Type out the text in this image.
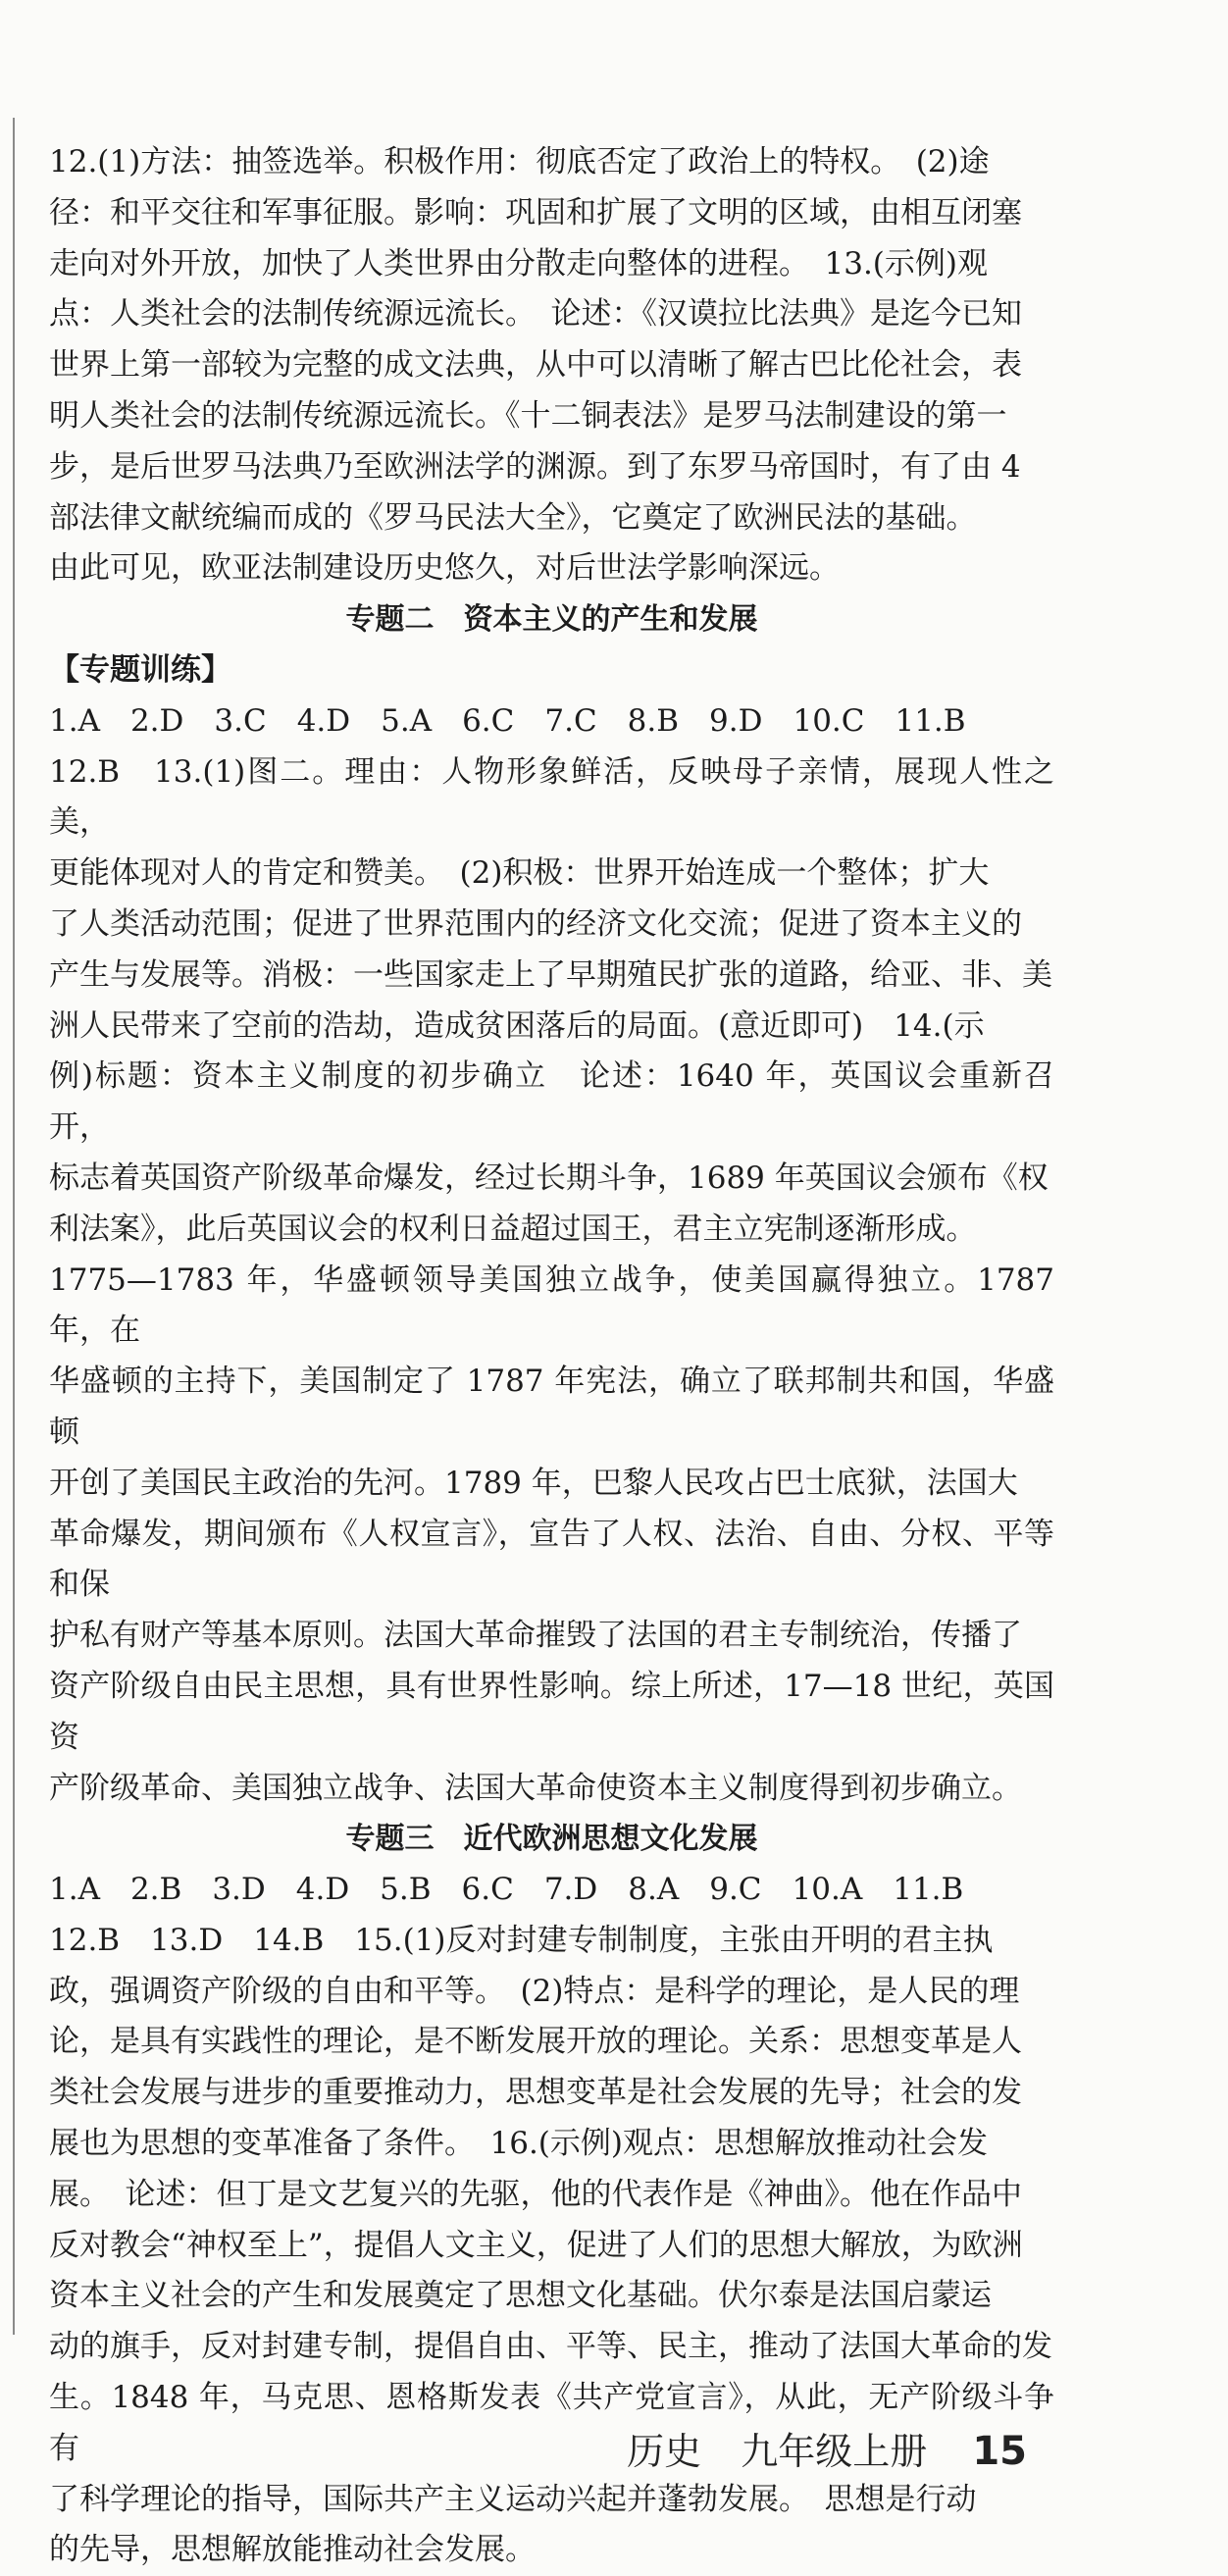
12.(1)方法：抽签选举。积极作用：彻底否定了政治上的特权。　(2)途

径：和平交往和军事征服。影响：巩固和扩展了文明的区域，由相互闭塞

走向对外开放，加快了人类世界由分散走向整体的进程。　13.(示例)观

点：人类社会的法制传统源远流长。　论述：《汉谟拉比法典》是迄今已知

世界上第一部较为完整的成文法典，从中可以清晰了解古巴比伦社会，表

明人类社会的法制传统源远流长。《十二铜表法》是罗马法制建设的第一

步，是后世罗马法典乃至欧洲法学的渊源。到了东罗马帝国时，有了由 4

部法律文献统编而成的《罗马民法大全》，它奠定了欧洲民法的基础。

由此可见，欧亚法制建设历史悠久，对后世法学影响深远。

专题二　资本主义的产生和发展

【专题训练】

1.A　2.D　3.C　4.D　5.A　6.C　7.C　8.B　9.D　10.C　11.B

12.B　13.(1)图二。理由：人物形象鲜活，反映母子亲情，展现人性之美，

更能体现对人的肯定和赞美。　(2)积极：世界开始连成一个整体；扩大

了人类活动范围；促进了世界范围内的经济文化交流；促进了资本主义的

产生与发展等。消极：一些国家走上了早期殖民扩张的道路，给亚、非、美

洲人民带来了空前的浩劫，造成贫困落后的局面。(意近即可)　14.(示

例)标题：资本主义制度的初步确立　论述：1640 年，英国议会重新召开，

标志着英国资产阶级革命爆发，经过长期斗争，1689 年英国议会颁布《权

利法案》，此后英国议会的权利日益超过国王，君主立宪制逐渐形成。

1775—1783 年，华盛顿领导美国独立战争，使美国赢得独立。1787 年，在

华盛顿的主持下，美国制定了 1787 年宪法，确立了联邦制共和国，华盛顿

开创了美国民主政治的先河。1789 年，巴黎人民攻占巴士底狱，法国大

革命爆发，期间颁布《人权宣言》，宣告了人权、法治、自由、分权、平等和保

护私有财产等基本原则。法国大革命摧毁了法国的君主专制统治，传播了

资产阶级自由民主思想，具有世界性影响。综上所述，17—18 世纪，英国资

产阶级革命、美国独立战争、法国大革命使资本主义制度得到初步确立。

专题三　近代欧洲思想文化发展

1.A　2.B　3.D　4.D　5.B　6.C　7.D　8.A　9.C　10.A　11.B

12.B　13.D　14.B　15.(1)反对封建专制制度，主张由开明的君主执

政，强调资产阶级的自由和平等。　(2)特点：是科学的理论，是人民的理

论，是具有实践性的理论，是不断发展开放的理论。关系：思想变革是人

类社会发展与进步的重要推动力，思想变革是社会发展的先导；社会的发

展也为思想的变革准备了条件。　16.(示例)观点：思想解放推动社会发

展。　论述：但丁是文艺复兴的先驱，他的代表作是《神曲》。他在作品中

反对教会“神权至上”，提倡人文主义，促进了人们的思想大解放，为欧洲

资本主义社会的产生和发展奠定了思想文化基础。伏尔泰是法国启蒙运

动的旗手，反对封建专制，提倡自由、平等、民主，推动了法国大革命的发

生。1848 年，马克思、恩格斯发表《共产党宣言》，从此，无产阶级斗争有

了科学理论的指导，国际共产主义运动兴起并蓬勃发展。　思想是行动

的先导，思想解放能推动社会发展。

历史 九年级上册 15
